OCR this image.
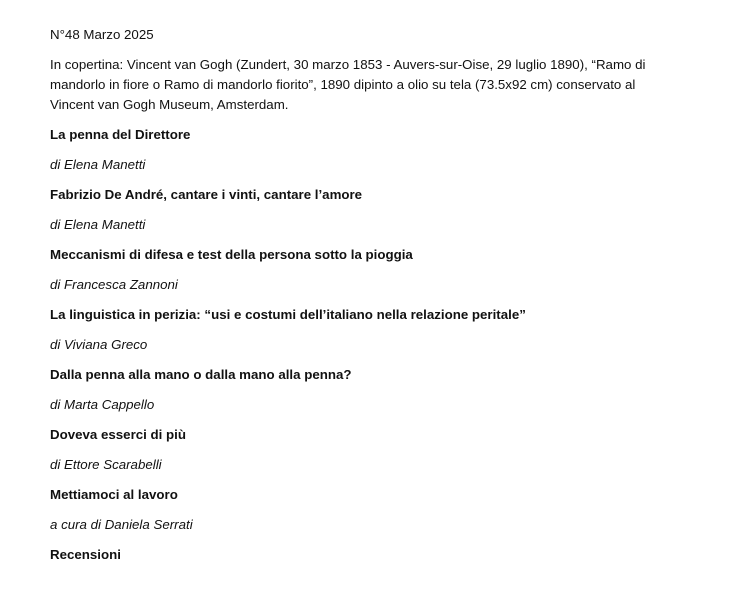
N°48 Marzo 2025

In copertina: Vincent van Gogh (Zundert, 30 marzo 1853 - Auvers-sur-Oise, 29 luglio 1890), “Ramo di
mandorlo in fiore o Ramo di mandorlo fiorito”, 1890 dipinto a olio su tela (73.5x92 cm) conservato al
Vincent van Gogh Museum, Amsterdam.

La penna del Direttore

di Elena Manetti

Fabrizio De André, cantare i vinti, cantare l’amore

di Elena Manetti

Meccanismi di difesa e test della persona sotto la pioggia

di Francesca Zannoni

La linguistica in perizia: “usi e costumi dell’italiano nella relazione peritale”

di Viviana Greco

Dalla penna alla mano o dalla mano alla penna?

di Marta Cappello

Doveva esserci di più

di Ettore Scarabelli

Mettiamoci al lavoro

a cura di Daniela Serrati

Recensioni
